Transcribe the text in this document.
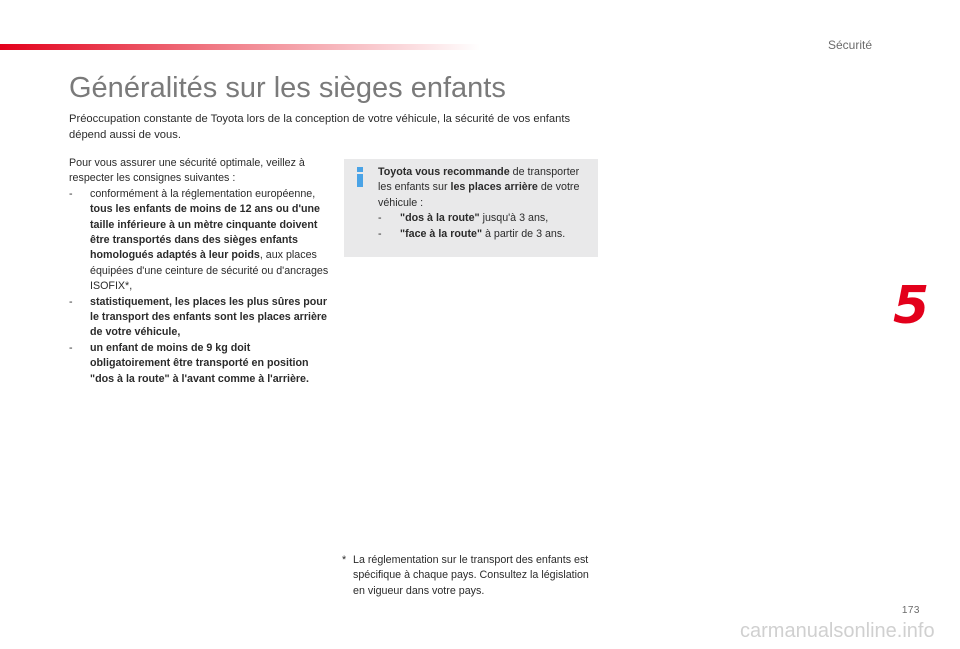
Sécurité
Généralités sur les sièges enfants
Préoccupation constante de Toyota lors de la conception de votre véhicule, la sécurité de vos enfants dépend aussi de vous.

Pour vous assurer une sécurité optimale, veillez à respecter les consignes suivantes :

- conformément à la réglementation européenne, tous les enfants de moins de 12 ans ou d'une taille inférieure à un mètre cinquante doivent être transportés dans des sièges enfants homologués adaptés à leur poids, aux places équipées d'une ceinture de sécurité ou d'ancrages ISOFIX*,
- statistiquement, les places les plus sûres pour le transport des enfants sont les places arrière de votre véhicule,
- un enfant de moins de 9 kg doit obligatoirement être transporté en position "dos à la route" à l'avant comme à l'arrière.
Toyota vous recommande de transporter les enfants sur les places arrière de votre véhicule :
- "dos à la route" jusqu'à 3 ans,
- "face à la route" à partir de 3 ans.
5
* La réglementation sur le transport des enfants est spécifique à chaque pays. Consultez la législation en vigueur dans votre pays.
173
carmanualsonline.info
